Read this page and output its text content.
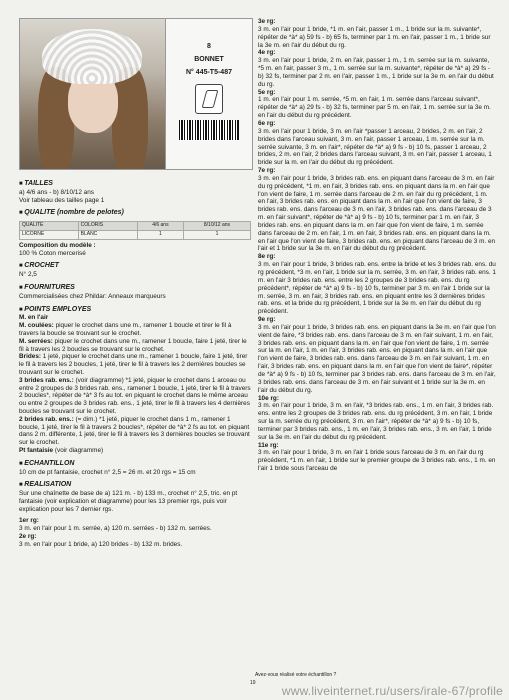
8
BONNET
N° 445-T5-487
■ TAILLES

a) 4/6 ans - b) 8/10/12 ans

Voir tableau des tailles page 1

■ QUALITE (nombre de pelotes)
QUALITE	COLORIS	4/6 ans	8/10/12 ans
LICORNE	BLANC	1	1

Composition du modèle :

100 % Coton mercerisé

■ CROCHET

N° 2,5

■ FOURNITURES

Commercialisées chez Phildar: Anneaux marqueurs

■ POINTS EMPLOYES

M. en l'air

M. coulées: piquer le crochet dans une m., ramener 1 boucle et tirer le fil à travers la boucle se trouvant sur le crochet.

M. serrées: piquer le crochet dans une m., ramener 1 boucle, faire 1 jeté, tirer le fil à travers les 2 boucles se trouvant sur le crochet.

Brides: 1 jeté, piquer le crochet dans une m., ramener 1 boucle, faire 1 jeté, tirer le fil à travers les 2 boucles, 1 jeté, tirer le fil à travers les 2 dernières boucles se trouvant sur le crochet.

3 brides rab. ens.: (voir diagramme) *1 jeté, piquer le crochet dans 1 arceau ou entre 2 groupes de 3 brides rab. ens., ramener 1 boucle, 1 jeté, tirer le fil à travers 2 boucles*, répéter de *à* 3 fs au tot. en piquant le crochet dans le même arceau ou entre 2 groupes de 3 brides rab. ens., 1 jeté, tirer le fil à travers les 4 dernières boucles se trouvant sur le crochet.

2 brides rab. ens.: (= dim.) *1 jeté, piquer le crochet dans 1 m., ramener 1 boucle, 1 jeté, tirer le fil à travers 2 boucles*, répéter de *à* 2 fs au tot. en piquant dans 2 m. différente, 1 jeté, tirer le fil à travers les 3 dernières boucles se trouvant sur le crochet.

Pt fantaisie (voir diagramme)

■ ECHANTILLON

10 cm de pt fantaisie, crochet n° 2,5 = 26 m. et 20 rgs = 15 cm

■ REALISATION

Sur une chaînette de base de a) 121 m. - b) 133 m., crochet n° 2,5, tric. en pt fantaisie (voir explication et diagramme) pour les 13 premier rgs, puis voir explication pour les 7 dernier rgs.

1er rg:
3 m. en l'air pour 1 m. serrée, a) 120 m. serrées - b) 132 m. serrées.

2e rg:
3 m. en l'air pour 1 bride, a) 120 brides - b) 132 m. brides.

3e rg:
3 m. en l'air pour 1 bride, *1 m. en l'air, passer 1 m., 1 bride sur la m. suivante*, répéter de *à* a) 59 fs - b) 65 fs, terminer par 1 m. en l'air, passer 1 m., 1 bride sur la 3e m. en l'air du début du rg.

4e rg:
3 m. en l'air pour 1 bride, 2 m. en l'air, passer 1 m., 1 m. serrée sur la m. suivante, *5 m. en l'air, passer 3 m., 1 m. serrée sur la m. suivante*, répéter de *à* a) 29 fs - b) 32 fs, terminer par 2 m. en l'air, passer 1 m., 1 bride sur la 3e m. en l'air du début du rg.

5e rg:
1 m. en l'air pour 1 m. serrée, *5 m. en l'air, 1 m. serrée dans l'arceau suivant*, répéter de *à* a) 29 fs - b) 32 fs, terminer par 5 m. en l'air, 1 m. serrée sur la 3e m. en l'air du début du rg précédent.

6e rg:
3 m. en l'air pour 1 bride, 3 m. en l'air *passer 1 arceau, 2 brides, 2 m. en l'air, 2 brides dans l'arceau suivant, 3 m. en l'air, passer 1 arceau, 1 m. serrée sur la m. serrée suivante, 3 m. en l'air*, répéter de *à* a) 9 fs - b) 10 fs, passer 1 arceau, 2 brides, 2 m. en l'air, 2 brides dans l'arceau suivant, 3 m. en l'air, passer 1 arceau, 1 bride sur la m. en l'air du début du rg précédent.

7e rg:
3 m. en l'air pour 1 bride, 3 brides rab. ens. en piquant dans l'arceau de 3 m. en l'air du rg précédent, *1 m. en l'air, 3 brides rab. ens. en piquant dans la m. en l'air que l'on vient de faire, 1 m. serrée dans l'arceau de 2 m. en l'air du rg précédent, 1 m. en l'air, 3 brides rab. ens. en piquant dans la m. en l'air que l'on vient de faire, 3 brides rab. ens. dans l'arceau de 3 m. en l'air, 3 brides rab. ens. dans l'arceau de 3 m. en l'air suivant*, répéter de *à* a) 9 fs - b) 10 fs, terminer par 1 m. en l'air, 3 brides rab. ens. en piquant dans la m. en l'air que l'on vient de faire, 1 m. serrée dans l'arceau de 2 m. en l'air, 1 m. en l'air, 3 brides rab. ens. en piquant dans la m. en l'air que l'on vient de faire, 3 brides rab. ens. en piquant dans l'arceau de 3 m. en l'air et 1 bride sur la 3e m. en l'air du début du rg précédent.

8e rg:
3 m. en l'air pour 1 bride, 3 brides rab. ens. entre la bride et les 3 brides rab. ens. du rg précédent, *3 m. en l'air, 1 bride sur la m. serrée, 3 m. en l'air, 3 brides rab. ens. 1 m. en l'air 3 brides rab. ens. entre les 2 groupes de 3 brides rab. ens. du rg précédent*, répéter de *à* a) 9 fs - b) 10 fs, terminer par 3 m. en l'air 1 bride sur la m. serrée, 3 m. en l'air, 3 brides rab. ens. en piquant entre les 3 dernières brides rab. ens. et la bride du rg précédent, 1 bride sur la 3e m. en l'air du début du rg précédent.

9e rg:
3 m. en l'air pour 1 bride, 3 brides rab. ens. en piquant dans la 3e m. en l'air que l'on vient de faire, *3 brides rab. ens. dans l'arceau de 3 m. en l'air suivant, 1 m. en l'air, 3 brides rab. ens. en piquant dans la m. en l'air que l'on vient de faire, 1 m. serrée sur la m. en l'air, 1 m. en l'air, 3 brides rab. ens. en piquant dans la m. en l'air que l'on vient de faire, 3 brides rab. ens. dans l'arceau de 3 m. en l'air suivant, 1 m. en l'air, 3 brides rab. ens. en piquant dans la m. en l'air que l'on vient de faire*, répéter de *à* a) 9 fs - b) 10 fs, terminer par 3 brides rab. ens. dans l'arceau de 3 m. en l'air, 3 brides rab. ens. dans l'arceau de 3 m. en l'air suivant et 1 bride sur la 3e m. en l'air du début du rg.

10e rg:
3 m. en l'air pour 1 bride, 3 m. en l'air, *3 brides rab. ens., 1 m. en l'air, 3 brides rab. ens. entre les 2 groupes de 3 brides rab. ens. du rg précédent, 3 m. en l'air, 1 bride sur la m. serrée du rg précédent, 3 m. en l'air*, répéter de *à* a) 9 fs - b) 10 fs, terminer par 3 brides rab. ens., 1 m. en l'air, 3 brides rab. ens., 3 m. en l'air, 1 bride sur la 3e m. en l'air du début du rg précédent.

11e rg:
3 m. en l'air pour 1 bride, 3 m. en l'air 1 bride sous l'arceau de 3 m. en l'air du rg précédent, *1 m. en l'air, 1 bride sur le premier groupe de 3 brides rab. ens., 1 m. en l'air 1 bride sous l'arceau de

Avez-vous réalisé votre échantillon ?
19
www.liveinternet.ru/users/irale-67/profile
